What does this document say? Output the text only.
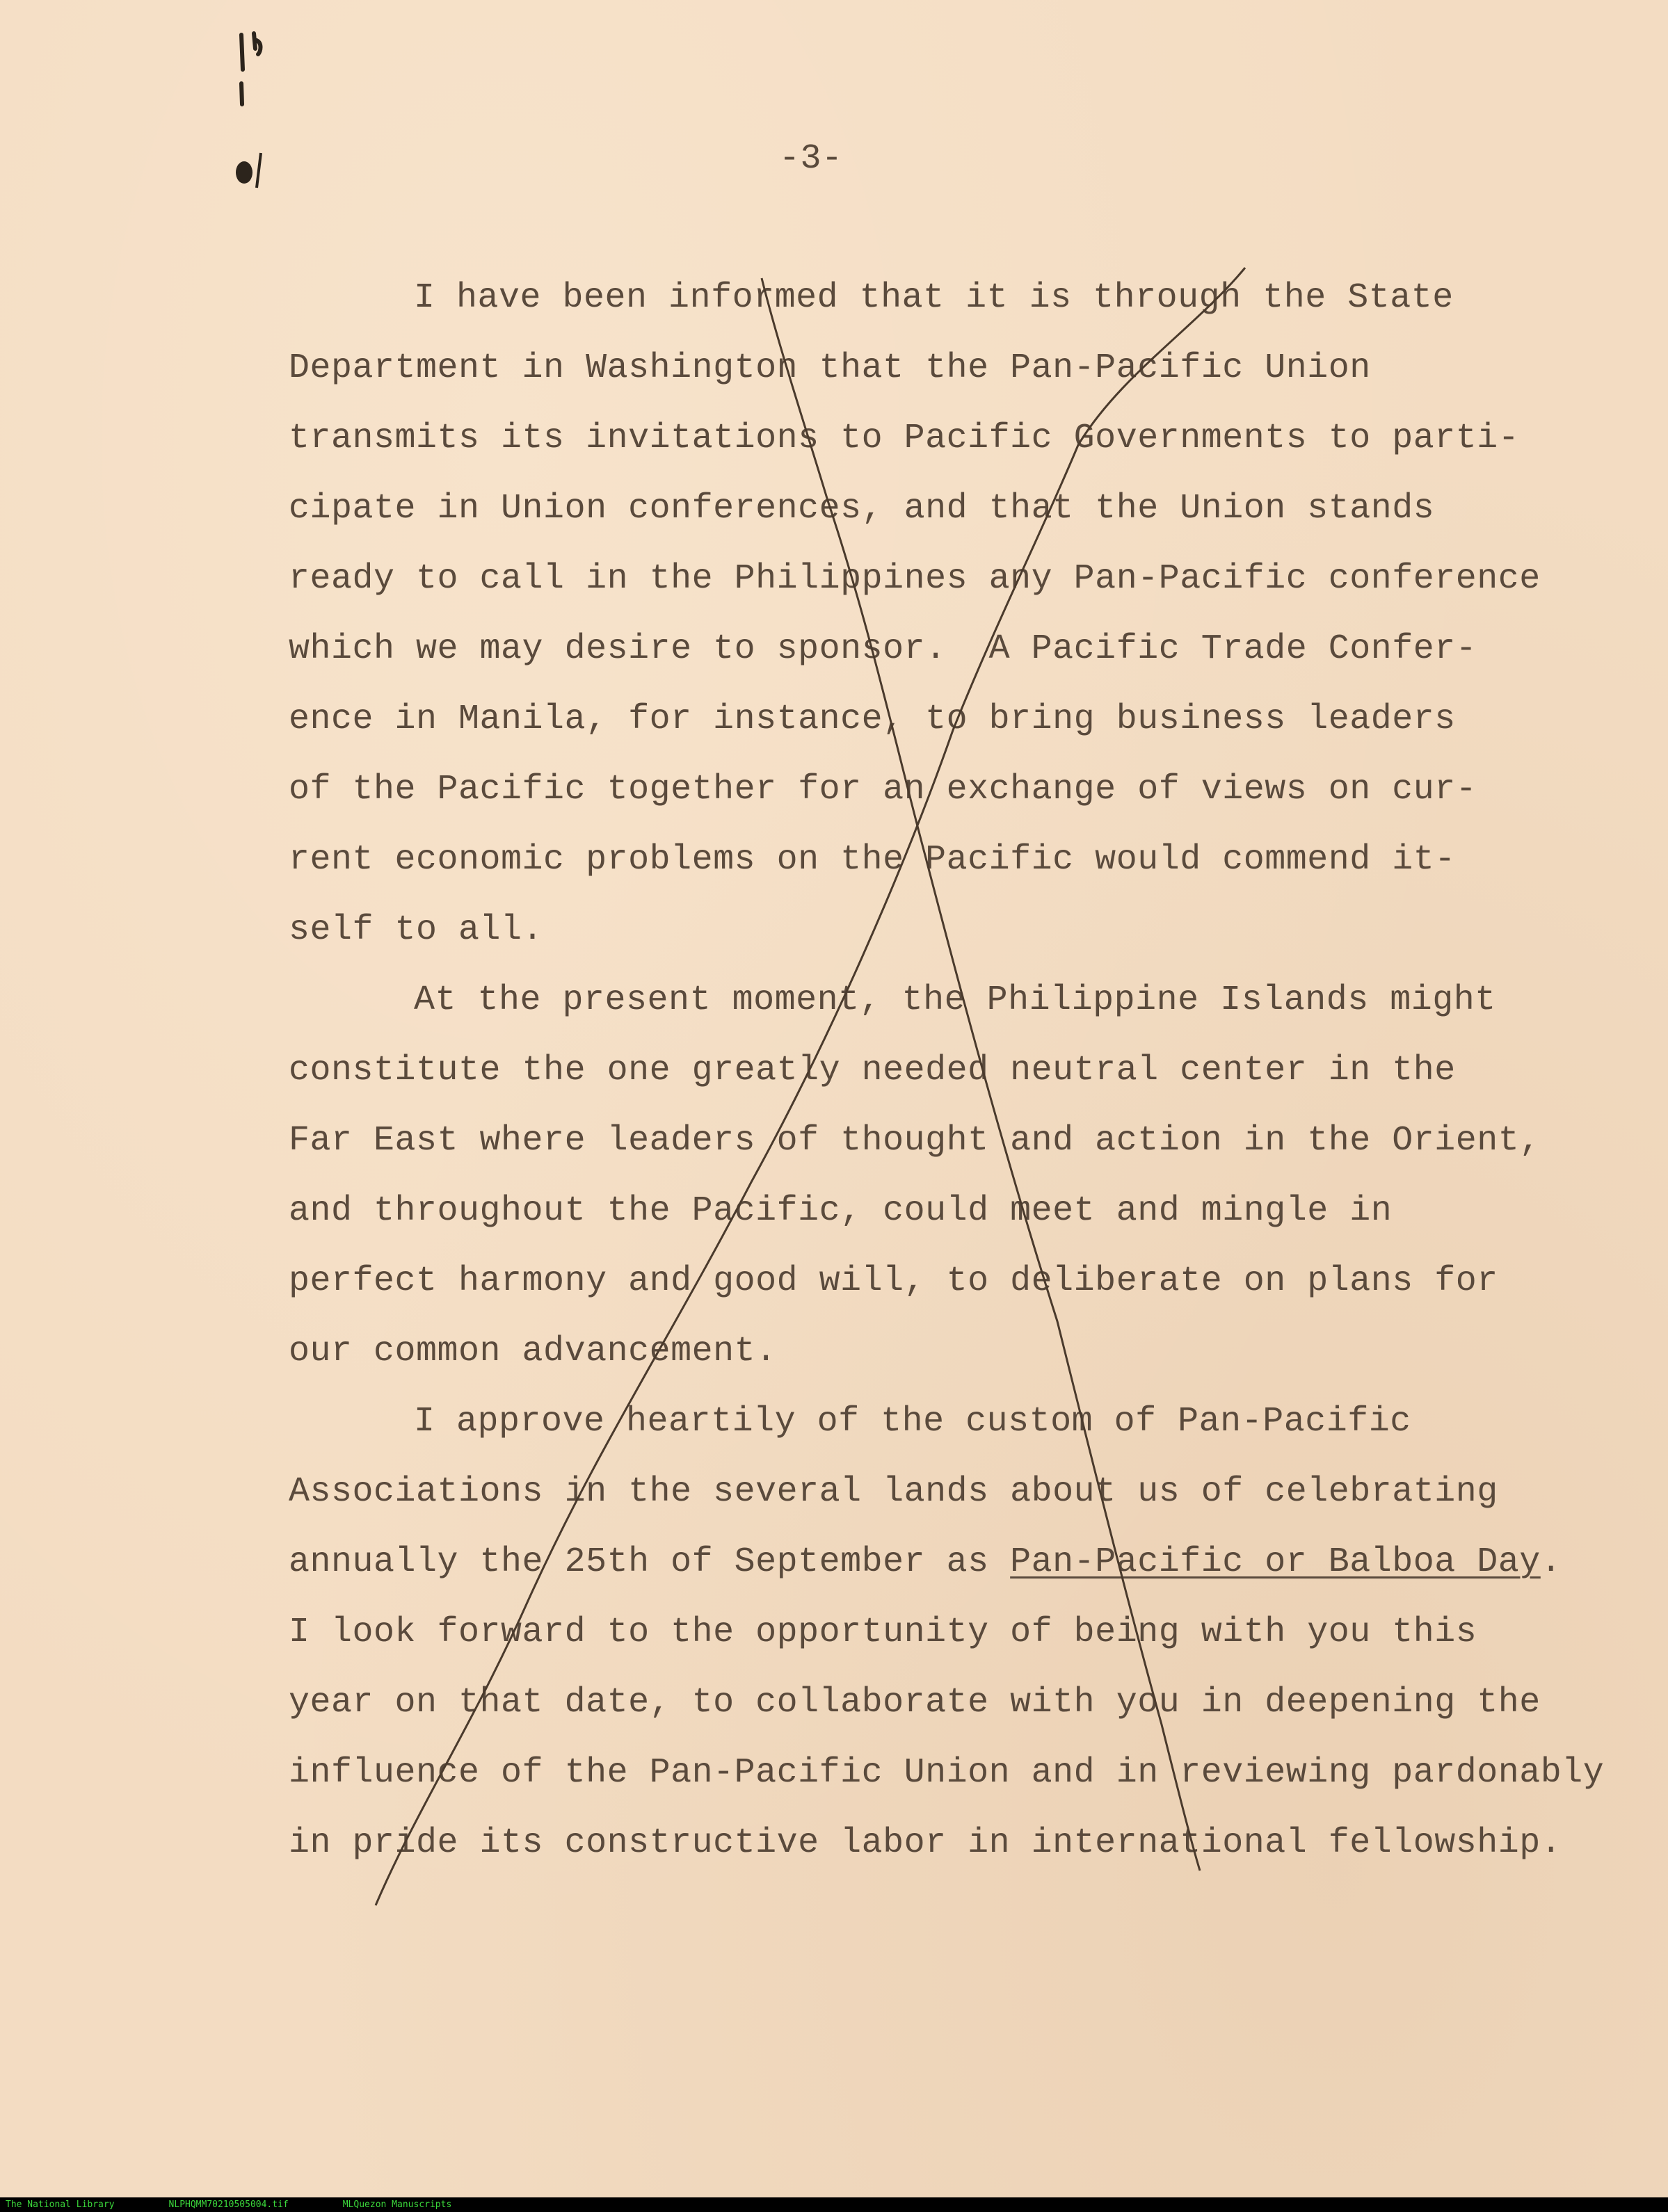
-3-

I have been informed that it is through the State

Department in Washington that the Pan-Pacific Union

transmits its invitations to Pacific Governments to parti-

cipate in Union conferences, and that the Union stands

ready to call in the Philippines any Pan-Pacific conference

which we may desire to sponsor.  A Pacific Trade Confer-

ence in Manila, for instance, to bring business leaders

of the Pacific together for an exchange of views on cur-

rent economic problems on the Pacific would commend it-

self to all.

At the present moment, the Philippine Islands might

constitute the one greatly needed neutral center in the

Far East where leaders of thought and action in the Orient,

and throughout the Pacific, could meet and mingle in

perfect harmony and good will, to deliberate on plans for

our common advancement.

I approve heartily of the custom of Pan-Pacific

Associations in the several lands about us of celebrating

annually the 25th of September as Pan-Pacific or Balboa Day.

I look forward to the opportunity of being with you this

year on that date, to collaborate with you in deepening the

influence of the Pan-Pacific Union and in reviewing pardonably

in pride its constructive labor in international fellowship.

The National Library	NLPHQMM70210505004.tif	MLQuezon Manuscripts
